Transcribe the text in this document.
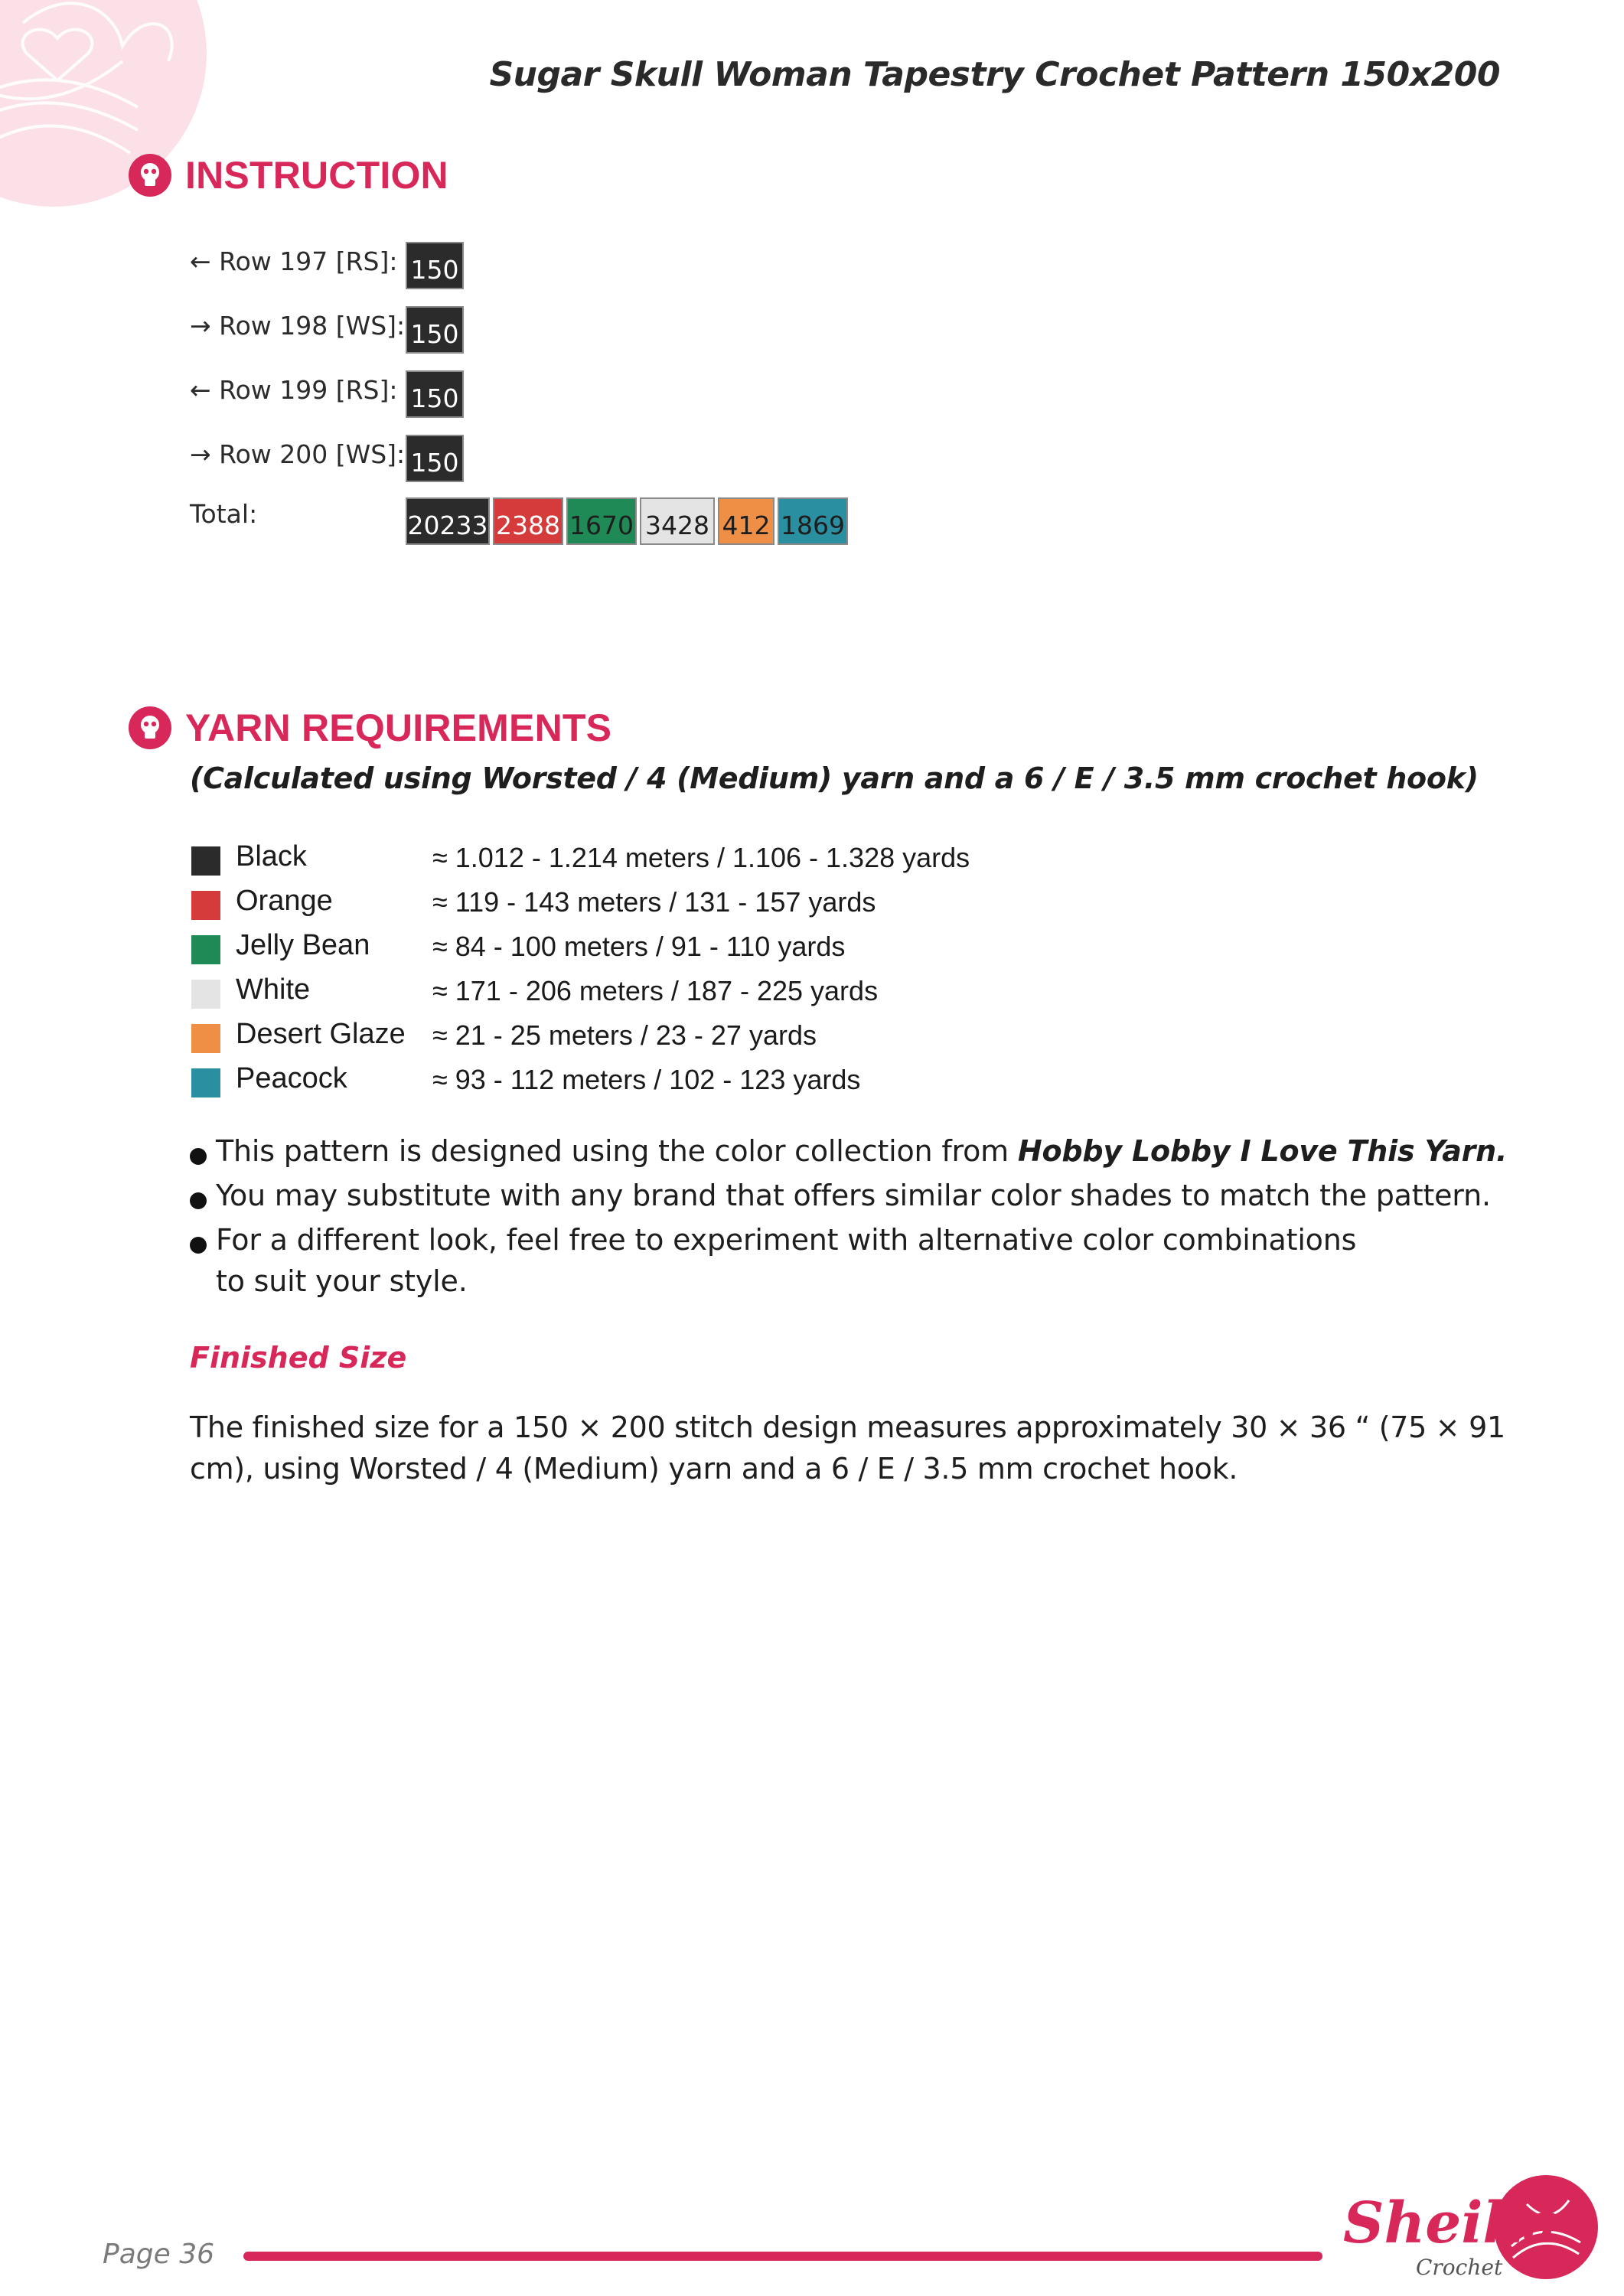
Sugar Skull Woman Tapestry Crochet Pattern 150x200
INSTRUCTION
← Row 197 [RS]: 150
→ Row 198 [WS]: 150
← Row 199 [RS]: 150
→ Row 200 [WS]: 150
Total:	20233 2388 1670 3428 412 1869
YARN REQUIREMENTS

(Calculated using Worsted / 4 (Medium) yarn and a 6 / E / 3.5 mm crochet hook)

Black	≈ 1.012 - 1.214 meters / 1.106 - 1.328 yards
Orange	≈ 119 - 143 meters / 131 - 157 yards
Jelly Bean ≈ 84 - 100 meters / 91 - 110 yards
White	≈ 171 - 206 meters / 187 - 225 yards
Desert Glaze ≈ 21 - 25 meters / 23 - 27 yards
Peacock	≈ 93 - 112 meters / 102 - 123 yards
This pattern is designed using the color collection from Hobby Lobby I Love This Yarn.
You may substitute with any brand that offers similar color shades to match the pattern.
For a different look, feel free to experiment with alternative color combinations
to suit your style.
Finished Size

The finished size for a 150 × 200 stitch design measures approximately 30 × 36 “ (75 × 91 cm), using Worsted / 4 (Medium) yarn and a 6 / E / 3.5 mm crochet hook.

Page 36	Sheika
Crochet
